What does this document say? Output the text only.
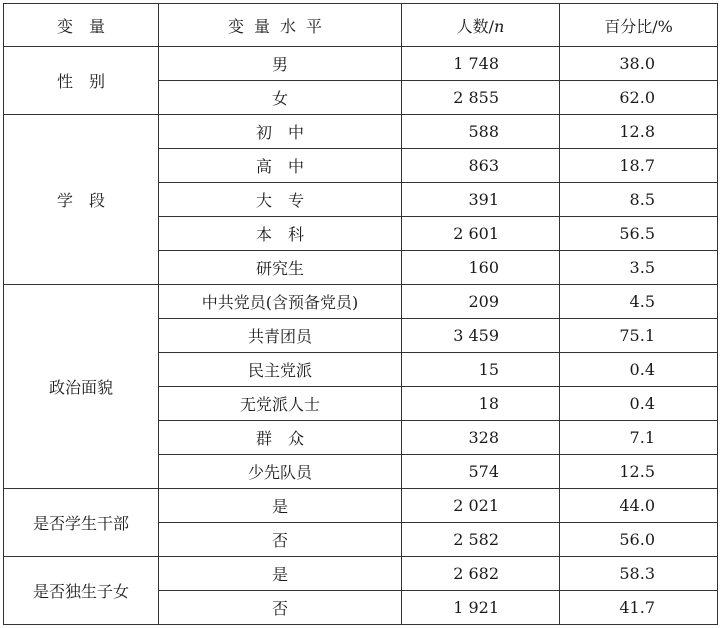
变　量	变量水平	人数/n	百分比/%
性　别	男	1 748	38.0
	女	2 855	62.0
学　段	初　中	588	12.8
	高　中	863	18.7
	大　专	391	8.5
	本　科	2 601	56.5
	研究生	160	3.5
政治面貌	中共党员(含预备党员)	209	4.5
	共青团员	3 459	75.1
	民主党派	15	0.4
	无党派人士	18	0.4
	群　众	328	7.1
	少先队员	574	12.5
是否学生干部	是	2 021	44.0
	否	2 582	56.0
是否独生子女	是	2 682	58.3
	否	1 921	41.7
